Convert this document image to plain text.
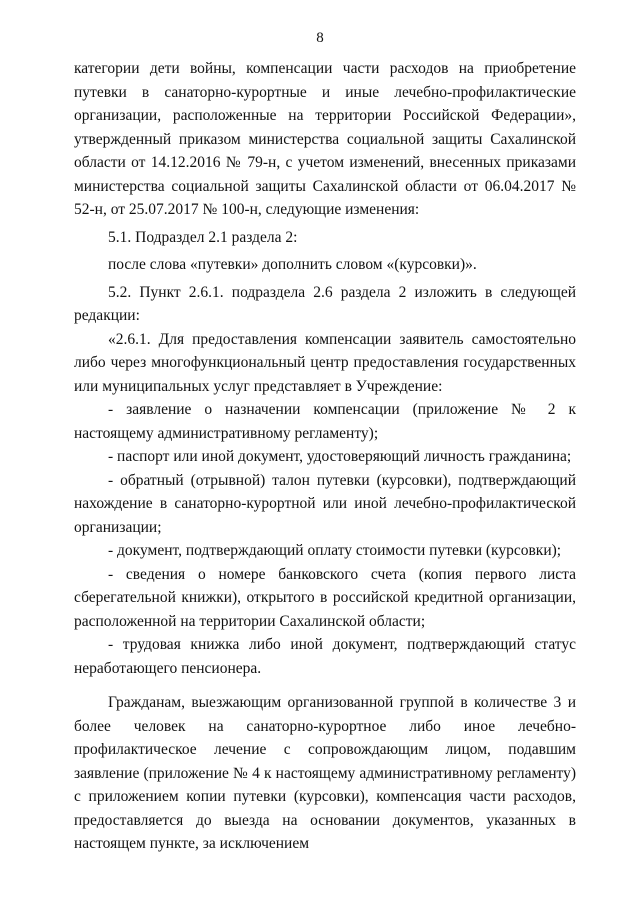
8

категории дети войны, компенсации части расходов на приобретение путевки в санаторно-курортные и иные лечебно-профилактические организации, расположенные на территории Российской Федерации», утвержденный приказом министерства социальной защиты Сахалинской области от 14.12.2016 № 79-н, с учетом изменений, внесенных приказами министерства социальной защиты Сахалинской области от 06.04.2017 № 52-н, от 25.07.2017 № 100-н, следующие изменения:

5.1. Подраздел 2.1 раздела 2:

после слова «путевки» дополнить словом «(курсовки)».

5.2. Пункт 2.6.1. подраздела 2.6 раздела 2 изложить в следующей редакции:

«2.6.1. Для предоставления компенсации заявитель самостоятельно либо через многофункциональный центр предоставления государственных или муниципальных услуг представляет в Учреждение:

- заявление о назначении компенсации (приложение № 2 к настоящему административному регламенту);

- паспорт или иной документ, удостоверяющий личность гражданина;

- обратный (отрывной) талон путевки (курсовки), подтверждающий нахождение в санаторно-курортной или иной лечебно-профилактической организации;

- документ, подтверждающий оплату стоимости путевки (курсовки);

- сведения о номере банковского счета (копия первого листа сберегательной книжки), открытого в российской кредитной организации, расположенной на территории Сахалинской области;

- трудовая книжка либо иной документ, подтверждающий статус неработающего пенсионера.

Гражданам, выезжающим организованной группой в количестве 3 и более человек на санаторно-курортное либо иное лечебно-профилактическое лечение с сопровождающим лицом, подавшим заявление (приложение № 4 к настоящему административному регламенту) с приложением копии путевки (курсовки), компенсация части расходов, предоставляется до выезда на основании документов, указанных в настоящем пункте, за исключением
